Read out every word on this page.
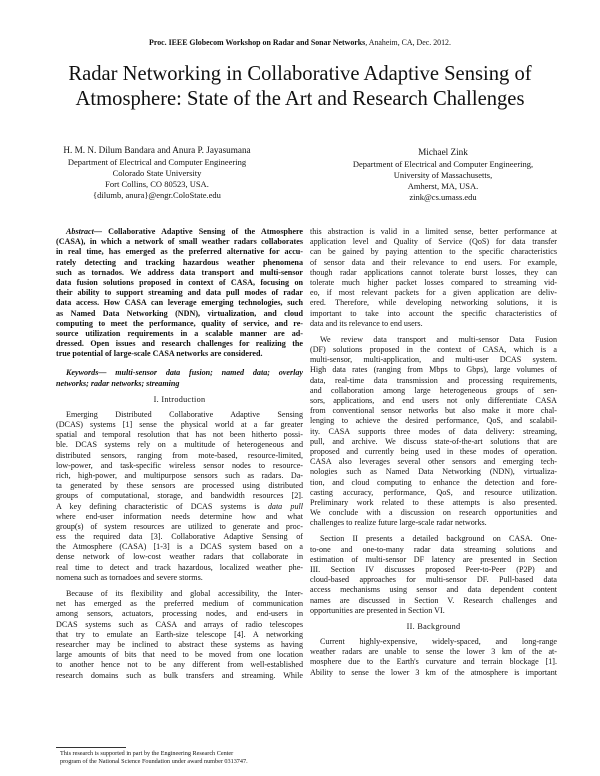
Proc. IEEE Globecom Workshop on Radar and Sonar Networks, Anaheim, CA, Dec. 2012.
Radar Networking in Collaborative Adaptive Sensing of
Atmosphere: State of the Art and Research Challenges
H. M. N. Dilum Bandara and Anura P. Jayasumana
Department of Electrical and Computer Engineering
Colorado State University
Fort Collins, CO 80523, USA.
{dilumb, anura}@engr.ColoState.edu
Michael Zink
Department of Electrical and Computer Engineering,
University of Massachusetts,
Amherst, MA, USA.
zink@cs.umass.edu
Abstract— Collaborative Adaptive Sensing of the Atmosphere
(CASA), in which a network of small weather radars collaborates
in real time, has emerged as the preferred alternative for accu-
rately detecting and tracking hazardous weather phenomena
such as tornados. We address data transport and multi-sensor
data fusion solutions proposed in context of CASA, focusing on
their ability to support streaming and data pull modes of radar
data access. How CASA can leverage emerging technologies, such
as Named Data Networking (NDN), virtualization, and cloud
computing to meet the performance, quality of service, and re-
source utilization requirements in a scalable manner are ad-
dressed. Open issues and research challenges for realizing the
true potential of large-scale CASA networks are considered.
Keywords— multi-sensor data fusion; named data; overlay
networks; radar networks; streaming
I. Introduction
Emerging Distributed Collaborative Adaptive Sensing
(DCAS) systems [1] sense the physical world at a far greater
spatial and temporal resolution that has not been hitherto possi-
ble. DCAS systems rely on a multitude of heterogeneous and
distributed sensors, ranging from mote-based, resource-limited,
low-power, and task-specific wireless sensor nodes to resource-
rich, high-power, and multipurpose sensors such as radars. Da-
ta generated by these sensors are processed using distributed
groups of computational, storage, and bandwidth resources [2].
A key defining characteristic of DCAS systems is data pull
where end-user information needs determine how and what
group(s) of system resources are utilized to generate and proc-
ess the required data [3]. Collaborative Adaptive Sensing of
the Atmosphere (CASA) [1-3] is a DCAS system based on a
dense network of low-cost weather radars that collaborate in
real time to detect and track hazardous, localized weather phe-
nomena such as tornadoes and severe storms.
Because of its flexibility and global accessibility, the Inter-
net has emerged as the preferred medium of communication
among sensors, actuators, processing nodes, and end-users in
DCAS systems such as CASA and arrays of radio telescopes
that try to emulate an Earth-size telescope [4]. A networking
researcher may be inclined to abstract these systems as having
large amounts of bits that need to be moved from one location
to another hence not to be any different from well-established
research domains such as bulk transfers and streaming. While
this abstraction is valid in a limited sense, better performance at
application level and Quality of Service (QoS) for data transfer
can be gained by paying attention to the specific characteristics
of sensor data and their relevance to end users. For example,
though radar applications cannot tolerate burst losses, they can
tolerate much higher packet losses compared to streaming vid-
eo, if most relevant packets for a given application are deliv-
ered. Therefore, while developing networking solutions, it is
important to take into account the specific characteristics of
data and its relevance to end users.
We review data transport and multi-sensor Data Fusion
(DF) solutions proposed in the context of CASA, which is a
multi-sensor, multi-application, and multi-user DCAS system.
High data rates (ranging from Mbps to Gbps), large volumes of
data, real-time data transmission and processing requirements,
and collaboration among large heterogeneous groups of sen-
sors, applications, and end users not only differentiate CASA
from conventional sensor networks but also make it more chal-
lenging to achieve the desired performance, QoS, and scalabil-
ity. CASA supports three modes of data delivery: streaming,
pull, and archive. We discuss state-of-the-art solutions that are
proposed and currently being used in these modes of operation.
CASA also leverages several other sensors and emerging tech-
nologies such as Named Data Networking (NDN), virtualiza-
tion, and cloud computing to enhance the detection and fore-
casting accuracy, performance, QoS, and resource utilization.
Preliminary work related to these attempts is also presented.
We conclude with a discussion on research opportunities and
challenges to realize future large-scale radar networks.
Section II presents a detailed background on CASA. One-
to-one and one-to-many radar data streaming solutions and
estimation of multi-sensor DF latency are presented in Section
III. Section IV discusses proposed Peer-to-Peer (P2P) and
cloud-based approaches for multi-sensor DF. Pull-based data
access mechanisms using sensor and data dependent content
names are discussed in Section V. Research challenges and
opportunities are presented in Section VI.
II. Background
Current highly-expensive, widely-spaced, and long-range
weather radars are unable to sense the lower 3 km of the at-
mosphere due to the Earth's curvature and terrain blockage [1].
Ability to sense the lower 3 km of the atmosphere is important
This research is supported in part by the Engineering Research Center
program of the National Science Foundation under award number 0313747.
